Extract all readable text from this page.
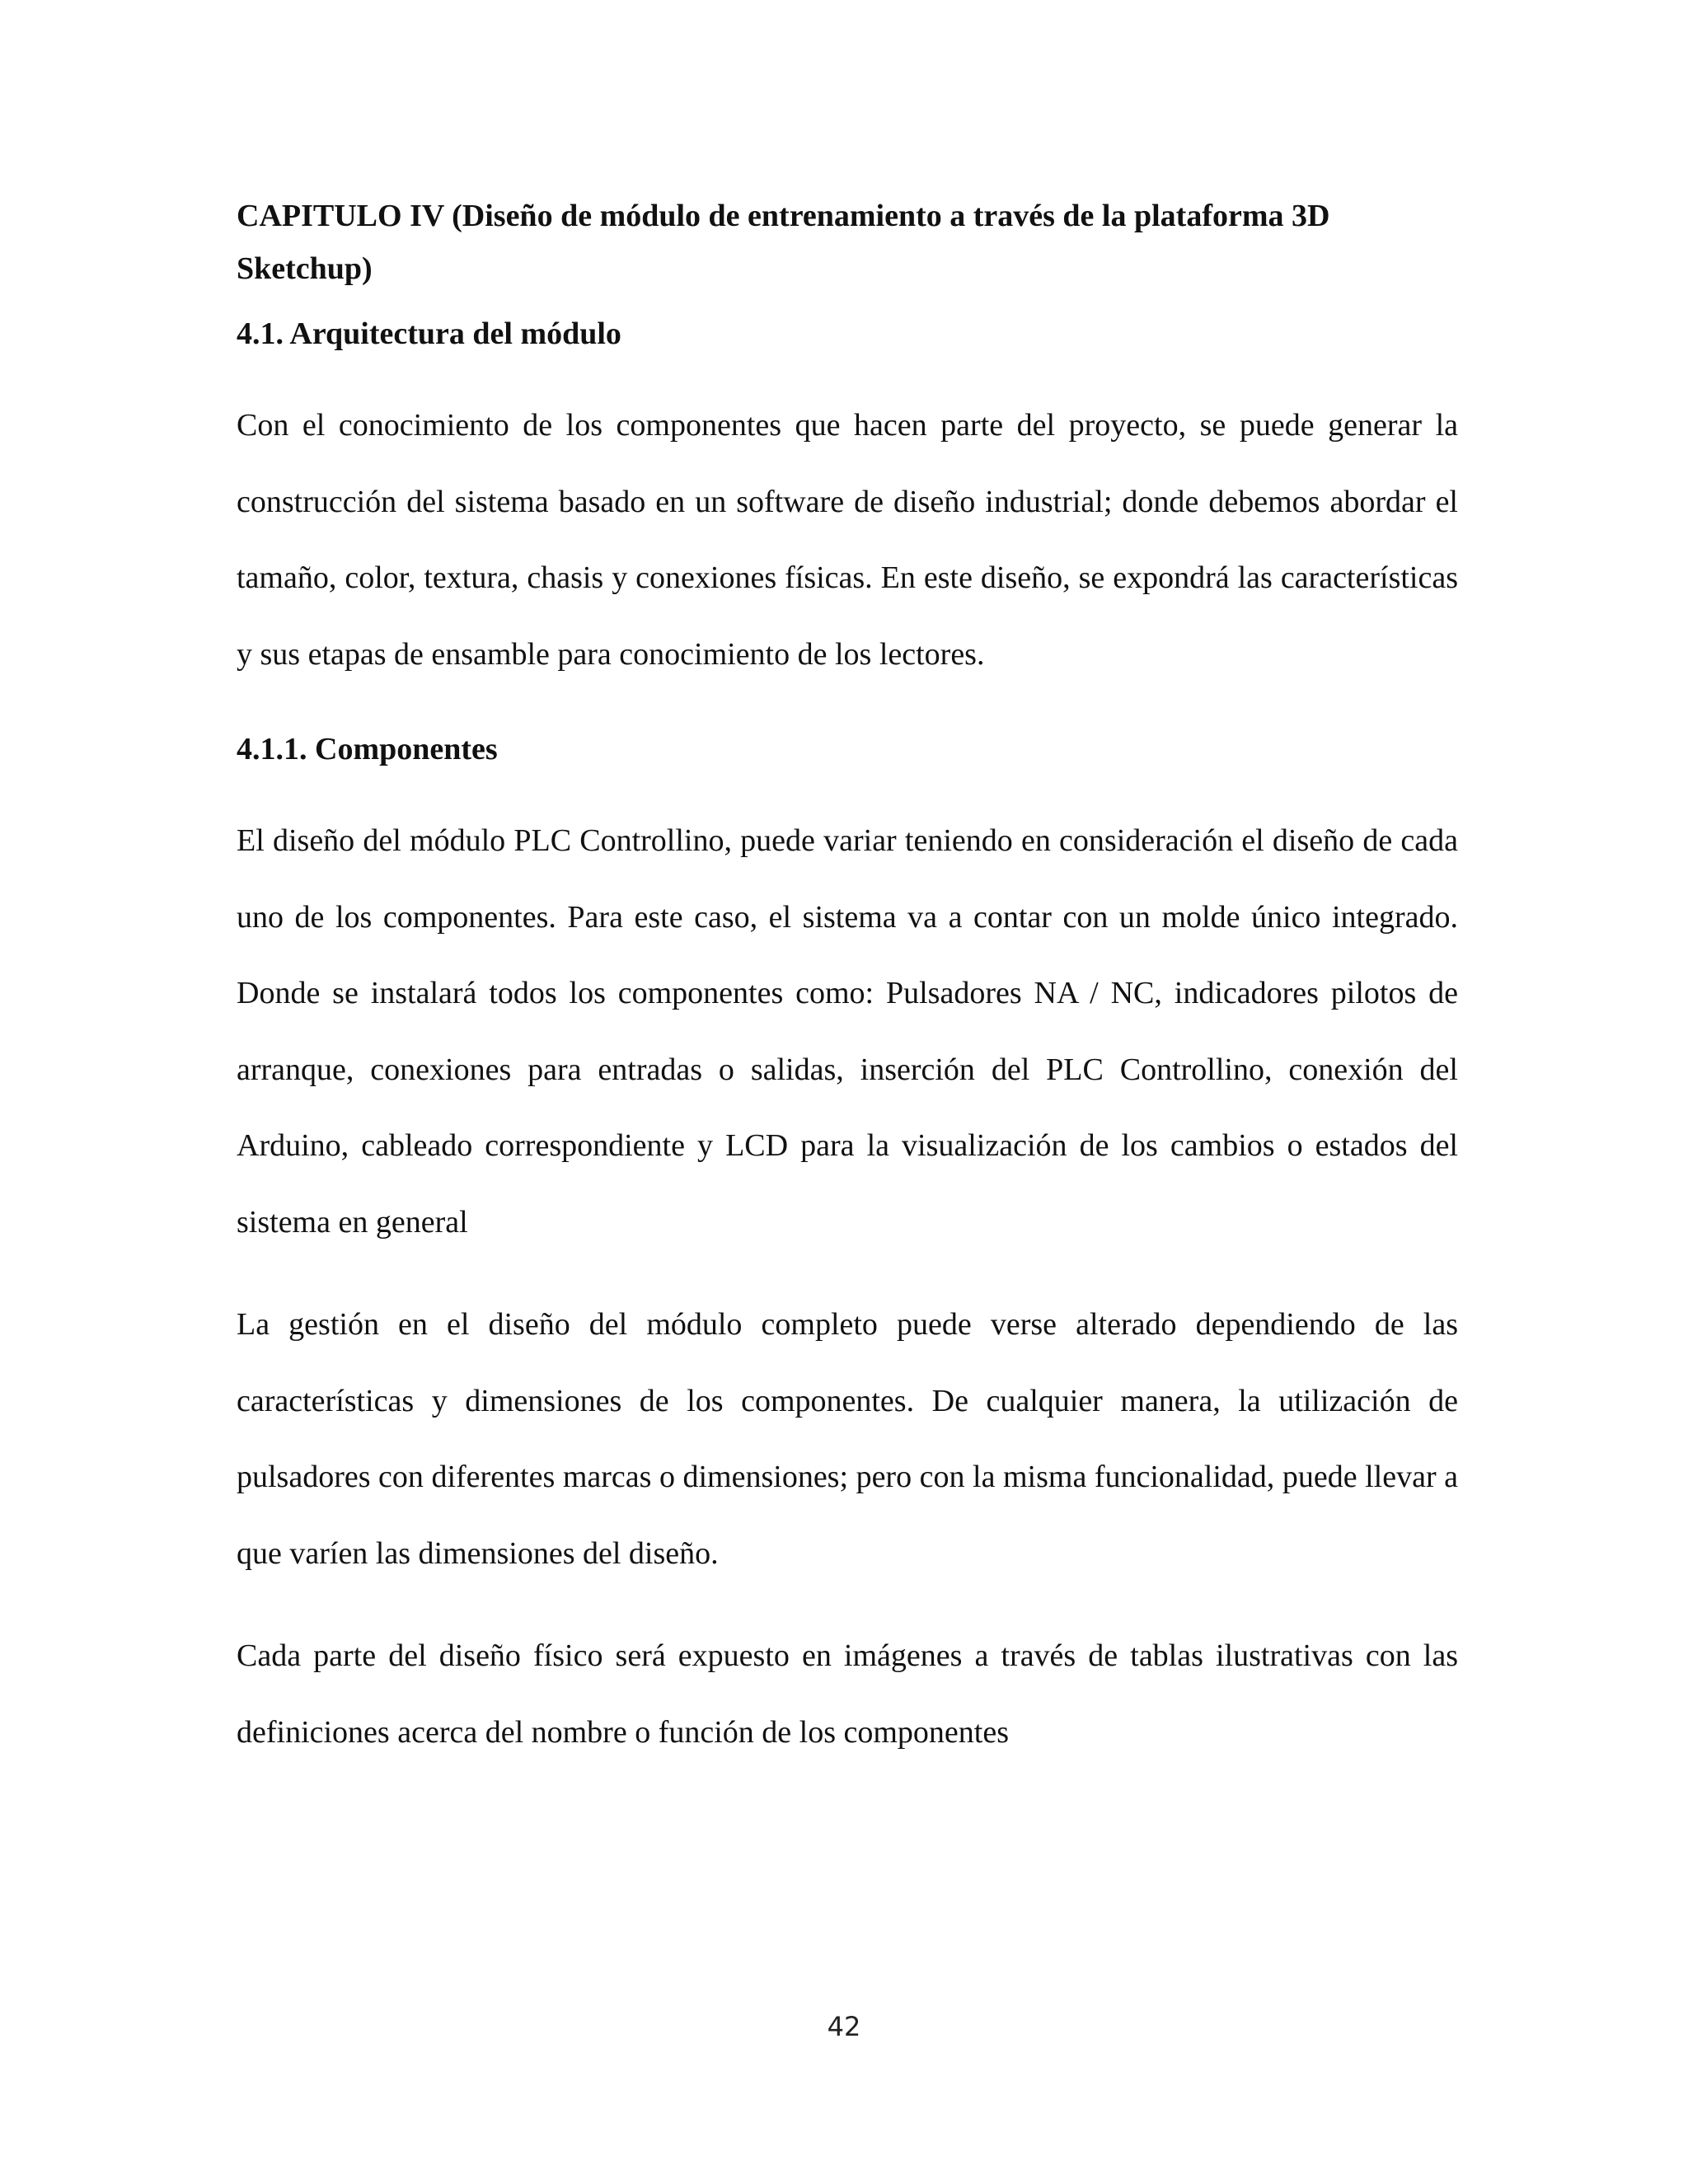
CAPITULO IV (Diseño de módulo de entrenamiento a través de la plataforma 3D Sketchup)
4.1. Arquitectura del módulo

Con el conocimiento de los componentes que hacen parte del proyecto, se puede generar la construcción del sistema basado en un software de diseño industrial; donde debemos abordar el tamaño, color, textura, chasis y conexiones físicas. En este diseño, se expondrá las características y sus etapas de ensamble para conocimiento de los lectores.

4.1.1. Componentes

El diseño del módulo PLC Controllino, puede variar teniendo en consideración el diseño de cada uno de los componentes. Para este caso, el sistema va a contar con un molde único integrado. Donde se instalará todos los componentes como: Pulsadores NA / NC, indicadores pilotos de arranque, conexiones para entradas o salidas, inserción del PLC Controllino, conexión del Arduino, cableado correspondiente y LCD para la visualización de los cambios o estados del sistema en general

La gestión en el diseño del módulo completo puede verse alterado dependiendo de las características y dimensiones de los componentes. De cualquier manera, la utilización de pulsadores con diferentes marcas o dimensiones; pero con la misma funcionalidad, puede llevar a que varíen las dimensiones del diseño.

Cada parte del diseño físico será expuesto en imágenes a través de tablas ilustrativas con las definiciones acerca del nombre o función de los componentes

42
